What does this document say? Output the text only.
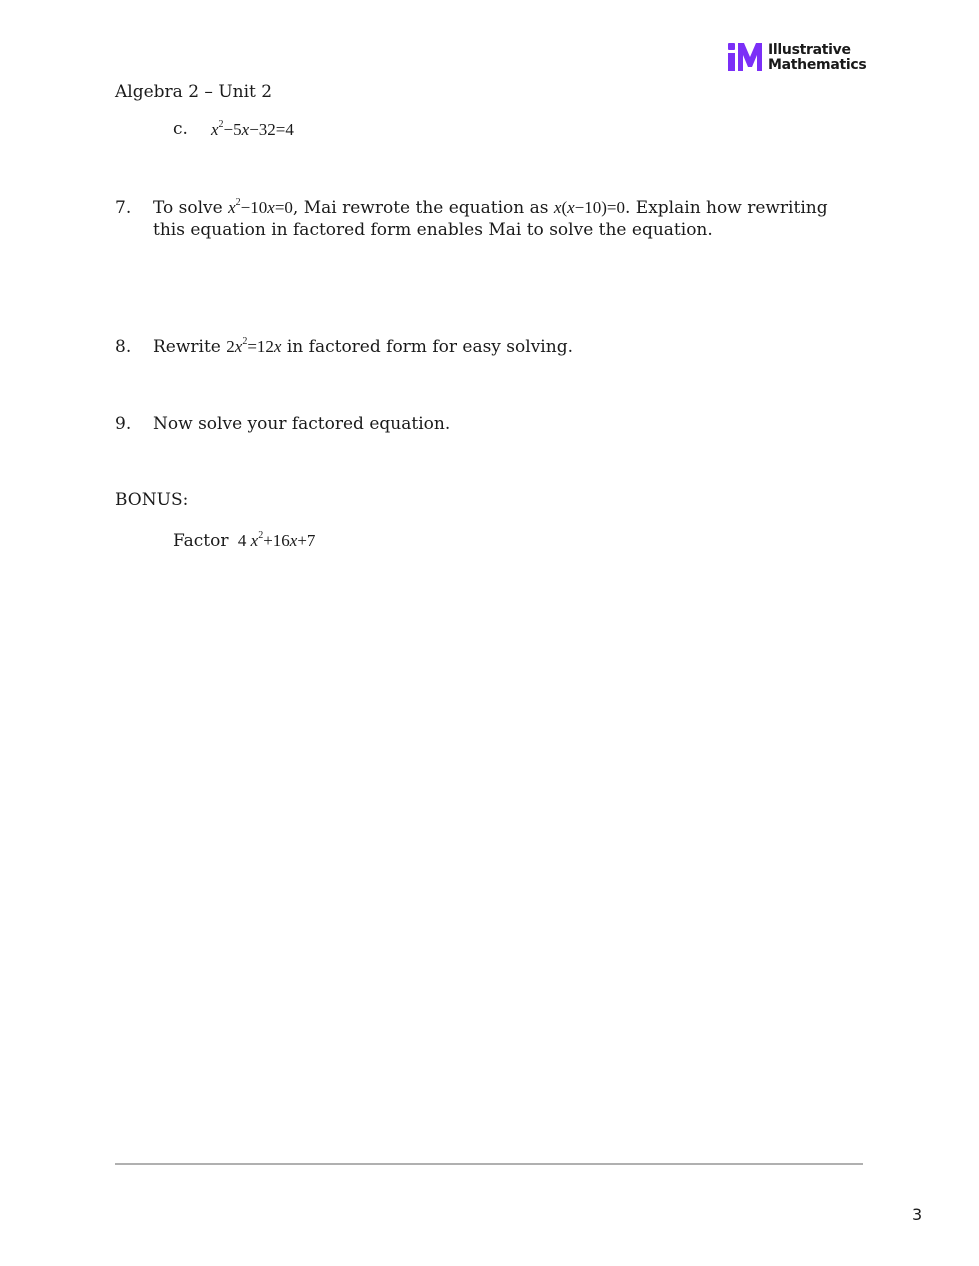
Illustrative
Mathematics
Algebra 2 – Unit 2
c. $x^2-5x-32=4$
7. To solve $x^2-10x=0$, Mai rewrote the equation as x(x−10)=0. Explain how rewriting
this equation in factored form enables Mai to solve the equation.
8. Rewrite $2x^2=12x$ in factored form for easy solving.
9. Now solve your factored equation.
BONUS:
Factor 4 $x^2+16x+7$
3
